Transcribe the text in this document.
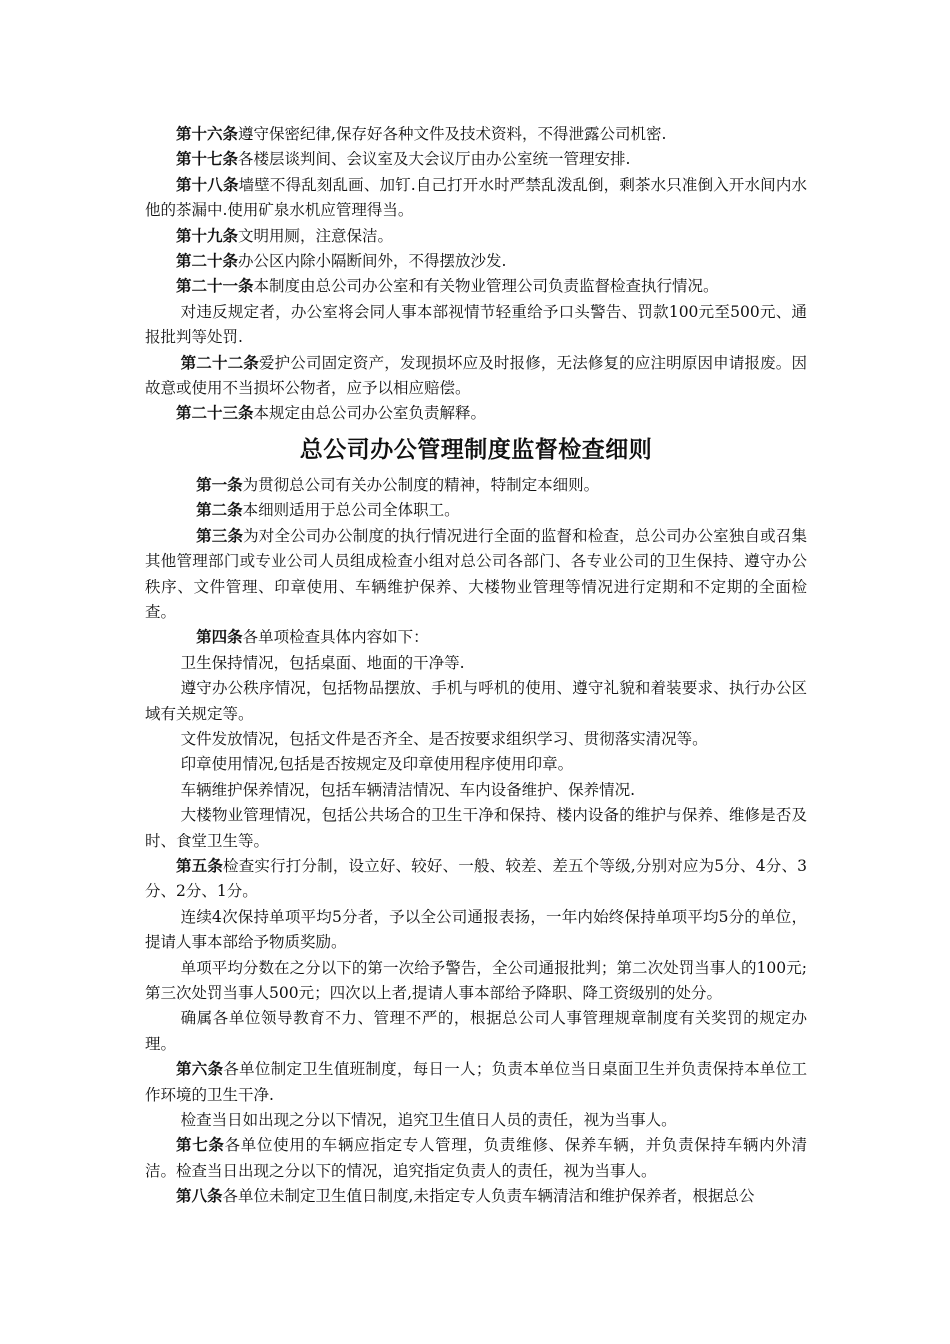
第十六条遵守保密纪律,保存好各种文件及技术资料，不得泄露公司机密.

第十七条各楼层谈判间、会议室及大会议厅由办公室统一管理安排.

第十八条墙壁不得乱刻乱画、加钉.自己打开水时严禁乱泼乱倒，剩茶水只准倒入开水间内水他的茶漏中.使用矿泉水机应管理得当。

第十九条文明用厕，注意保洁。

第二十条办公区内除小隔断间外，不得摆放沙发.

第二十一条本制度由总公司办公室和有关物业管理公司负责监督检查执行情况。

对违反规定者，办公室将会同人事本部视情节轻重给予口头警告、罚款100元至500元、通报批判等处罚.

第二十二条爱护公司固定资产，发现损坏应及时报修，无法修复的应注明原因申请报废。因故意或使用不当损坏公物者，应予以相应赔偿。

第二十三条本规定由总公司办公室负责解释。

总公司办公管理制度监督检查细则

第一条为贯彻总公司有关办公制度的精神，特制定本细则。

第二条本细则适用于总公司全体职工。

第三条为对全公司办公制度的执行情况进行全面的监督和检查，总公司办公室独自或召集其他管理部门或专业公司人员组成检查小组对总公司各部门、各专业公司的卫生保持、遵守办公秩序、文件管理、印章使用、车辆维护保养、大楼物业管理等情况进行定期和不定期的全面检查。

第四条各单项检查具体内容如下：

卫生保持情况，包括桌面、地面的干净等.

遵守办公秩序情况，包括物品摆放、手机与呼机的使用、遵守礼貌和着装要求、执行办公区域有关规定等。

文件发放情况，包括文件是否齐全、是否按要求组织学习、贯彻落实清况等。

印章使用情况,包括是否按规定及印章使用程序使用印章。

车辆维护保养情况，包括车辆清洁情况、车内设备维护、保养情况.

大楼物业管理情况，包括公共场合的卫生干净和保持、楼内设备的维护与保养、维修是否及时、食堂卫生等。

第五条检查实行打分制，设立好、较好、一般、较差、差五个等级,分别对应为5分、4分、3分、2分、1分。

连续4次保持单项平均5分者，予以全公司通报表扬，一年内始终保持单项平均5分的单位，提请人事本部给予物质奖励。

单项平均分数在之分以下的第一次给予警告，全公司通报批判；第二次处罚当事人的100元;第三次处罚当事人500元；四次以上者,提请人事本部给予降职、降工资级别的处分。

确属各单位领导教育不力、管理不严的，根据总公司人事管理规章制度有关奖罚的规定办理。

第六条各单位制定卫生值班制度，每日一人；负责本单位当日桌面卫生并负责保持本单位工作环境的卫生干净.

检查当日如出现之分以下情况，追究卫生值日人员的责任，视为当事人。

第七条各单位使用的车辆应指定专人管理，负责维修、保养车辆，并负责保持车辆内外清洁。检查当日出现之分以下的情况，追究指定负责人的责任，视为当事人。

第八条各单位未制定卫生值日制度,未指定专人负责车辆清洁和维护保养者，根据总公
